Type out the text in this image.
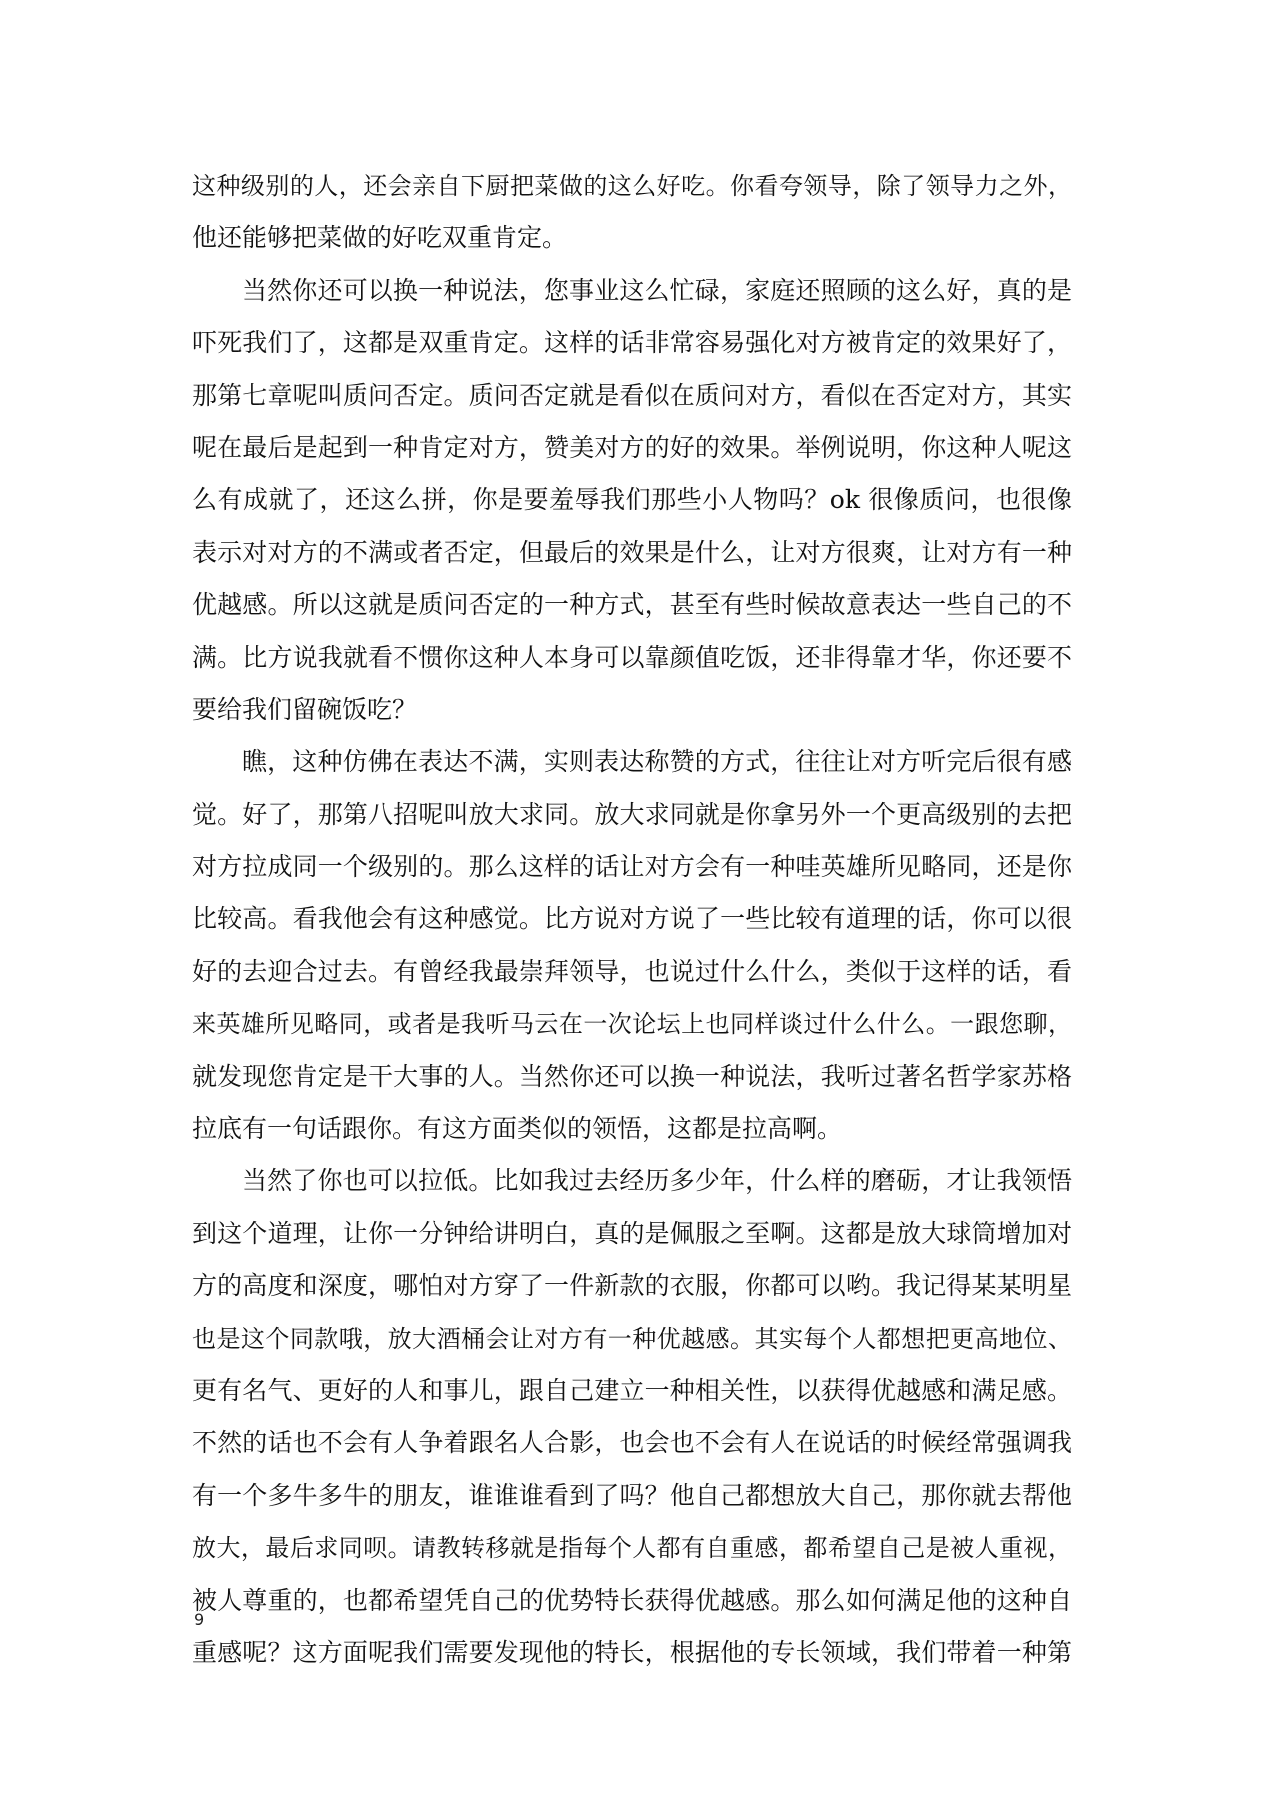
这种级别的人，还会亲自下厨把菜做的这么好吃。你看夸领导，除了领导力之外，
他还能够把菜做的好吃双重肯定。
当然你还可以换一种说法，您事业这么忙碌，家庭还照顾的这么好，真的是
吓死我们了，这都是双重肯定。这样的话非常容易强化对方被肯定的效果好了，
那第七章呢叫质问否定。质问否定就是看似在质问对方，看似在否定对方，其实
呢在最后是起到一种肯定对方，赞美对方的好的效果。举例说明，你这种人呢这
么有成就了，还这么拼，你是要羞辱我们那些小人物吗？ok 很像质问，也很像
表示对对方的不满或者否定，但最后的效果是什么，让对方很爽，让对方有一种
优越感。所以这就是质问否定的一种方式，甚至有些时候故意表达一些自己的不
满。比方说我就看不惯你这种人本身可以靠颜值吃饭，还非得靠才华，你还要不
要给我们留碗饭吃？
瞧，这种仿佛在表达不满，实则表达称赞的方式，往往让对方听完后很有感
觉。好了，那第八招呢叫放大求同。放大求同就是你拿另外一个更高级别的去把
对方拉成同一个级别的。那么这样的话让对方会有一种哇英雄所见略同，还是你
比较高。看我他会有这种感觉。比方说对方说了一些比较有道理的话，你可以很
好的去迎合过去。有曾经我最崇拜领导，也说过什么什么，类似于这样的话，看
来英雄所见略同，或者是我听马云在一次论坛上也同样谈过什么什么。一跟您聊，
就发现您肯定是干大事的人。当然你还可以换一种说法，我听过著名哲学家苏格
拉底有一句话跟你。有这方面类似的领悟，这都是拉高啊。
当然了你也可以拉低。比如我过去经历多少年，什么样的磨砺，才让我领悟
到这个道理，让你一分钟给讲明白，真的是佩服之至啊。这都是放大球筒增加对
方的高度和深度，哪怕对方穿了一件新款的衣服，你都可以哟。我记得某某明星
也是这个同款哦，放大酒桶会让对方有一种优越感。其实每个人都想把更高地位、
更有名气、更好的人和事儿，跟自己建立一种相关性，以获得优越感和满足感。
不然的话也不会有人争着跟名人合影，也会也不会有人在说话的时候经常强调我
有一个多牛多牛的朋友，谁谁谁看到了吗？他自己都想放大自己，那你就去帮他
放大，最后求同呗。请教转移就是指每个人都有自重感，都希望自己是被人重视，
被人尊重的，也都希望凭自己的优势特长获得优越感。那么如何满足他的这种自
重感呢？这方面呢我们需要发现他的特长，根据他的专长领域，我们带着一种第
9
